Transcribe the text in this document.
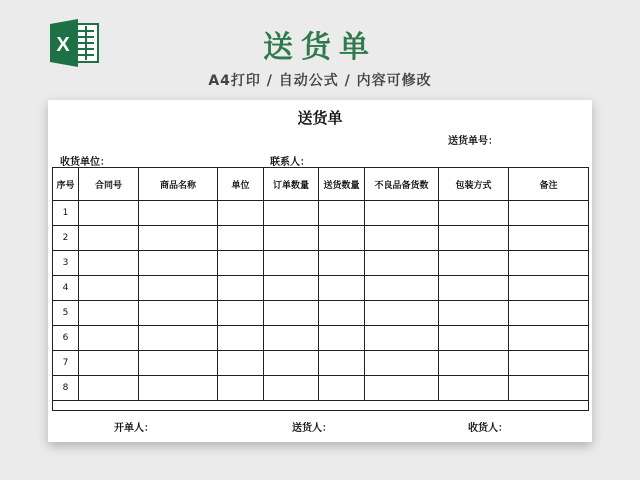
X	送货单
A4打印 / 自动公式 / 内容可修改
送货单
送货单号：
收货单位：	联系人：
序号	合同号	商品名称	单位	订单数量	送货数量	不良品备货数	包装方式	备注
1								
2								
3								
4								
5								
6								
7								
8								

开单人：	送货人：	收货人：
